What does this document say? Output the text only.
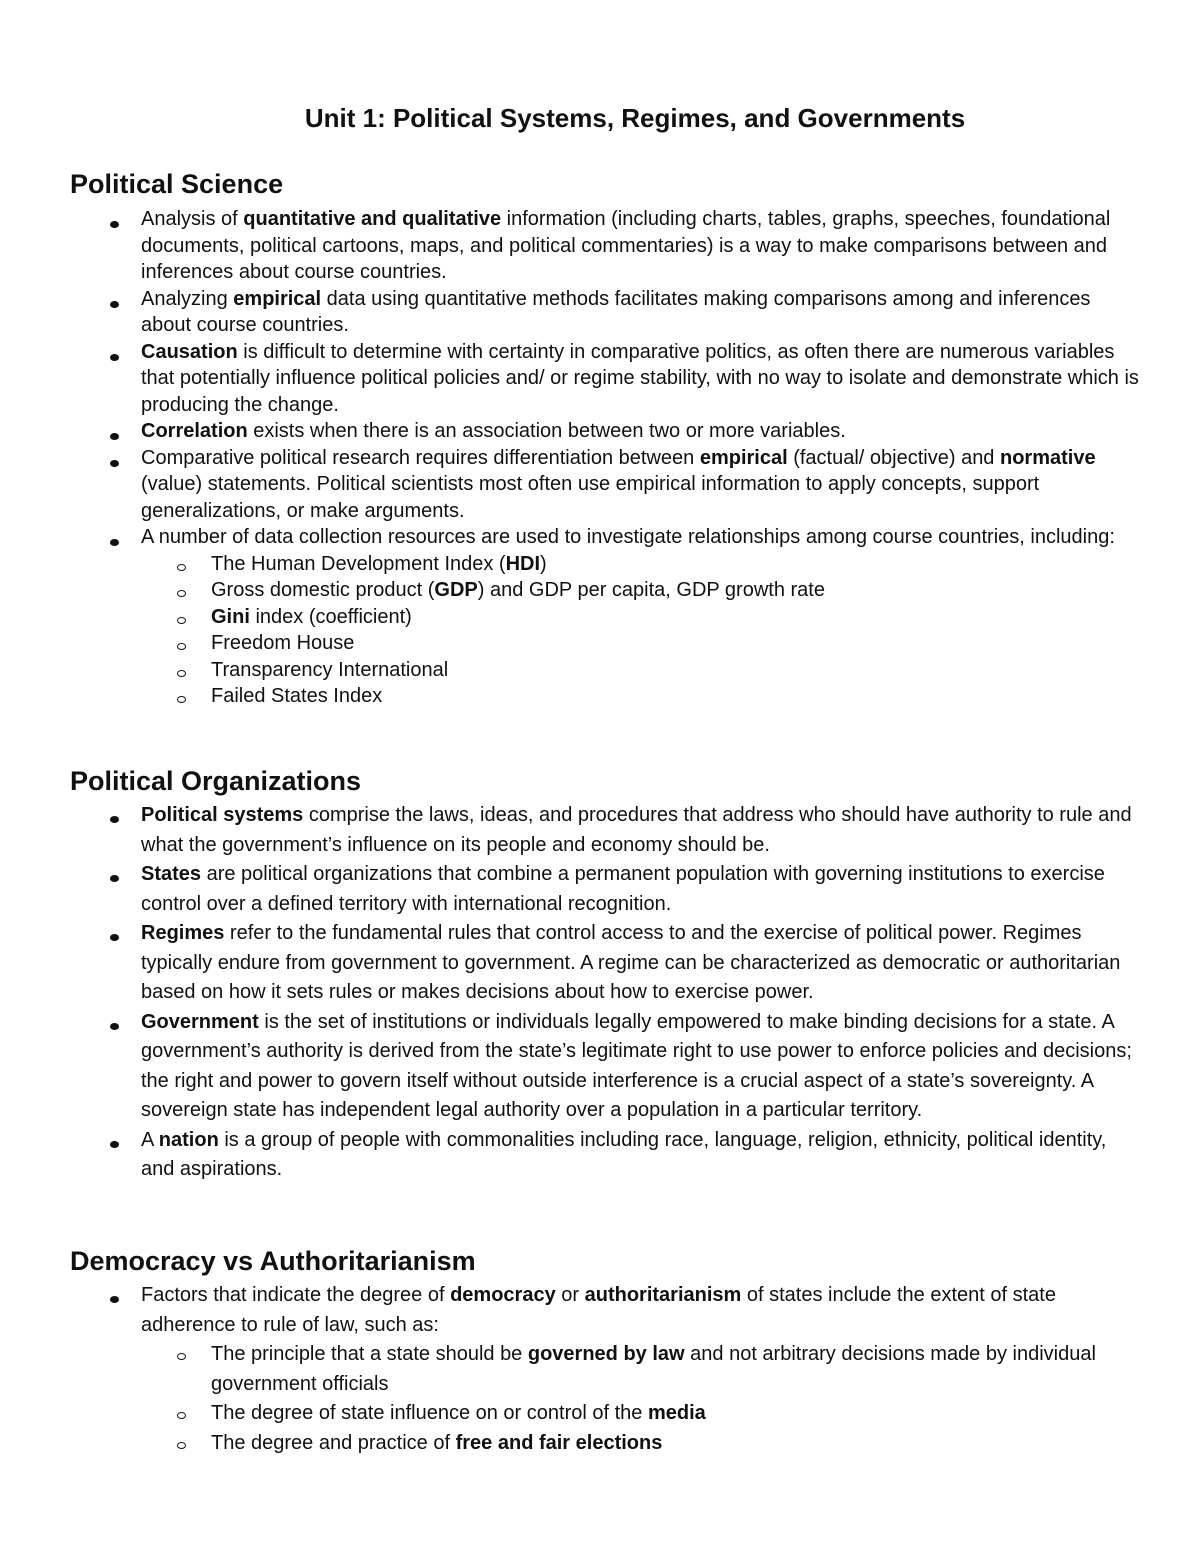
Unit 1: Political Systems, Regimes, and Governments
Political Science
Analysis of quantitative and qualitative information (including charts, tables, graphs, speeches, foundational documents, political cartoons, maps, and political commentaries) is a way to make comparisons between and inferences about course countries.
Analyzing empirical data using quantitative methods facilitates making comparisons among and inferences about course countries.
Causation is difficult to determine with certainty in comparative politics, as often there are numerous variables that potentially influence political policies and/ or regime stability, with no way to isolate and demonstrate which is producing the change.
Correlation exists when there is an association between two or more variables.
Comparative political research requires differentiation between empirical (factual/ objective) and normative (value) statements. Political scientists most often use empirical information to apply concepts, support generalizations, or make arguments.
A number of data collection resources are used to investigate relationships among course countries, including:
The Human Development Index (HDI)
Gross domestic product (GDP) and GDP per capita, GDP growth rate
Gini index (coefficient)
Freedom House
Transparency International
Failed States Index
Political Organizations
Political systems comprise the laws, ideas, and procedures that address who should have authority to rule and what the government’s influence on its people and economy should be.
States are political organizations that combine a permanent population with governing institutions to exercise control over a defined territory with international recognition.
Regimes refer to the fundamental rules that control access to and the exercise of political power. Regimes typically endure from government to government. A regime can be characterized as democratic or authoritarian based on how it sets rules or makes decisions about how to exercise power.
Government is the set of institutions or individuals legally empowered to make binding decisions for a state. A government’s authority is derived from the state’s legitimate right to use power to enforce policies and decisions; the right and power to govern itself without outside interference is a crucial aspect of a state’s sovereignty. A sovereign state has independent legal authority over a population in a particular territory.
A nation is a group of people with commonalities including race, language, religion, ethnicity, political identity, and aspirations.
Democracy vs Authoritarianism
Factors that indicate the degree of democracy or authoritarianism of states include the extent of state adherence to rule of law, such as:
The principle that a state should be governed by law and not arbitrary decisions made by individual government officials
The degree of state influence on or control of the media
The degree and practice of free and fair elections
